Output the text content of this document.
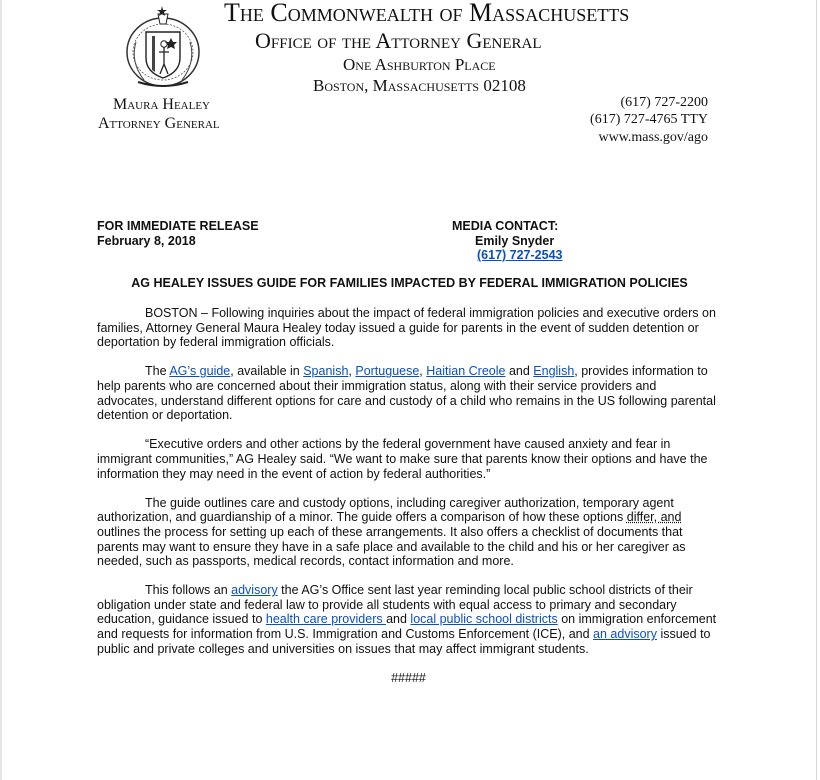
The Commonwealth of Massachusetts
Office of the Attorney General
One Ashburton Place
Boston, Massachusetts 02108
Maura Healey
Attorney General
(617) 727-2200
(617) 727-4765 TTY
www.mass.gov/ago
FOR IMMEDIATE RELEASE
February 8, 2018
MEDIA CONTACT:
Emily Snyder
(617) 727-2543
AG HEALEY ISSUES GUIDE FOR FAMILIES IMPACTED BY FEDERAL IMMIGRATION POLICIES

BOSTON – Following inquiries about the impact of federal immigration policies and executive orders on families, Attorney General Maura Healey today issued a guide for parents in the event of sudden detention or deportation by federal immigration officials.

The AG’s guide, available in Spanish, Portuguese, Haitian Creole and English, provides information to help parents who are concerned about their immigration status, along with their service providers and advocates, understand different options for care and custody of a child who remains in the US following parental detention or deportation.

“Executive orders and other actions by the federal government have caused anxiety and fear in immigrant communities,” AG Healey said. “We want to make sure that parents know their options and have the information they may need in the event of action by federal authorities.”

The guide outlines care and custody options, including caregiver authorization, temporary agent authorization, and guardianship of a minor. The guide offers a comparison of how these options differ, and outlines the process for setting up each of these arrangements. It also offers a checklist of documents that parents may want to ensure they have in a safe place and available to the child and his or her caregiver as needed, such as passports, medical records, contact information and more.

This follows an advisory the AG’s Office sent last year reminding local public school districts of their obligation under state and federal law to provide all students with equal access to primary and secondary education, guidance issued to health care providers and local public school districts on immigration enforcement and requests for information from U.S. Immigration and Customs Enforcement (ICE), and an advisory issued to public and private colleges and universities on issues that may affect immigrant students.

#####
